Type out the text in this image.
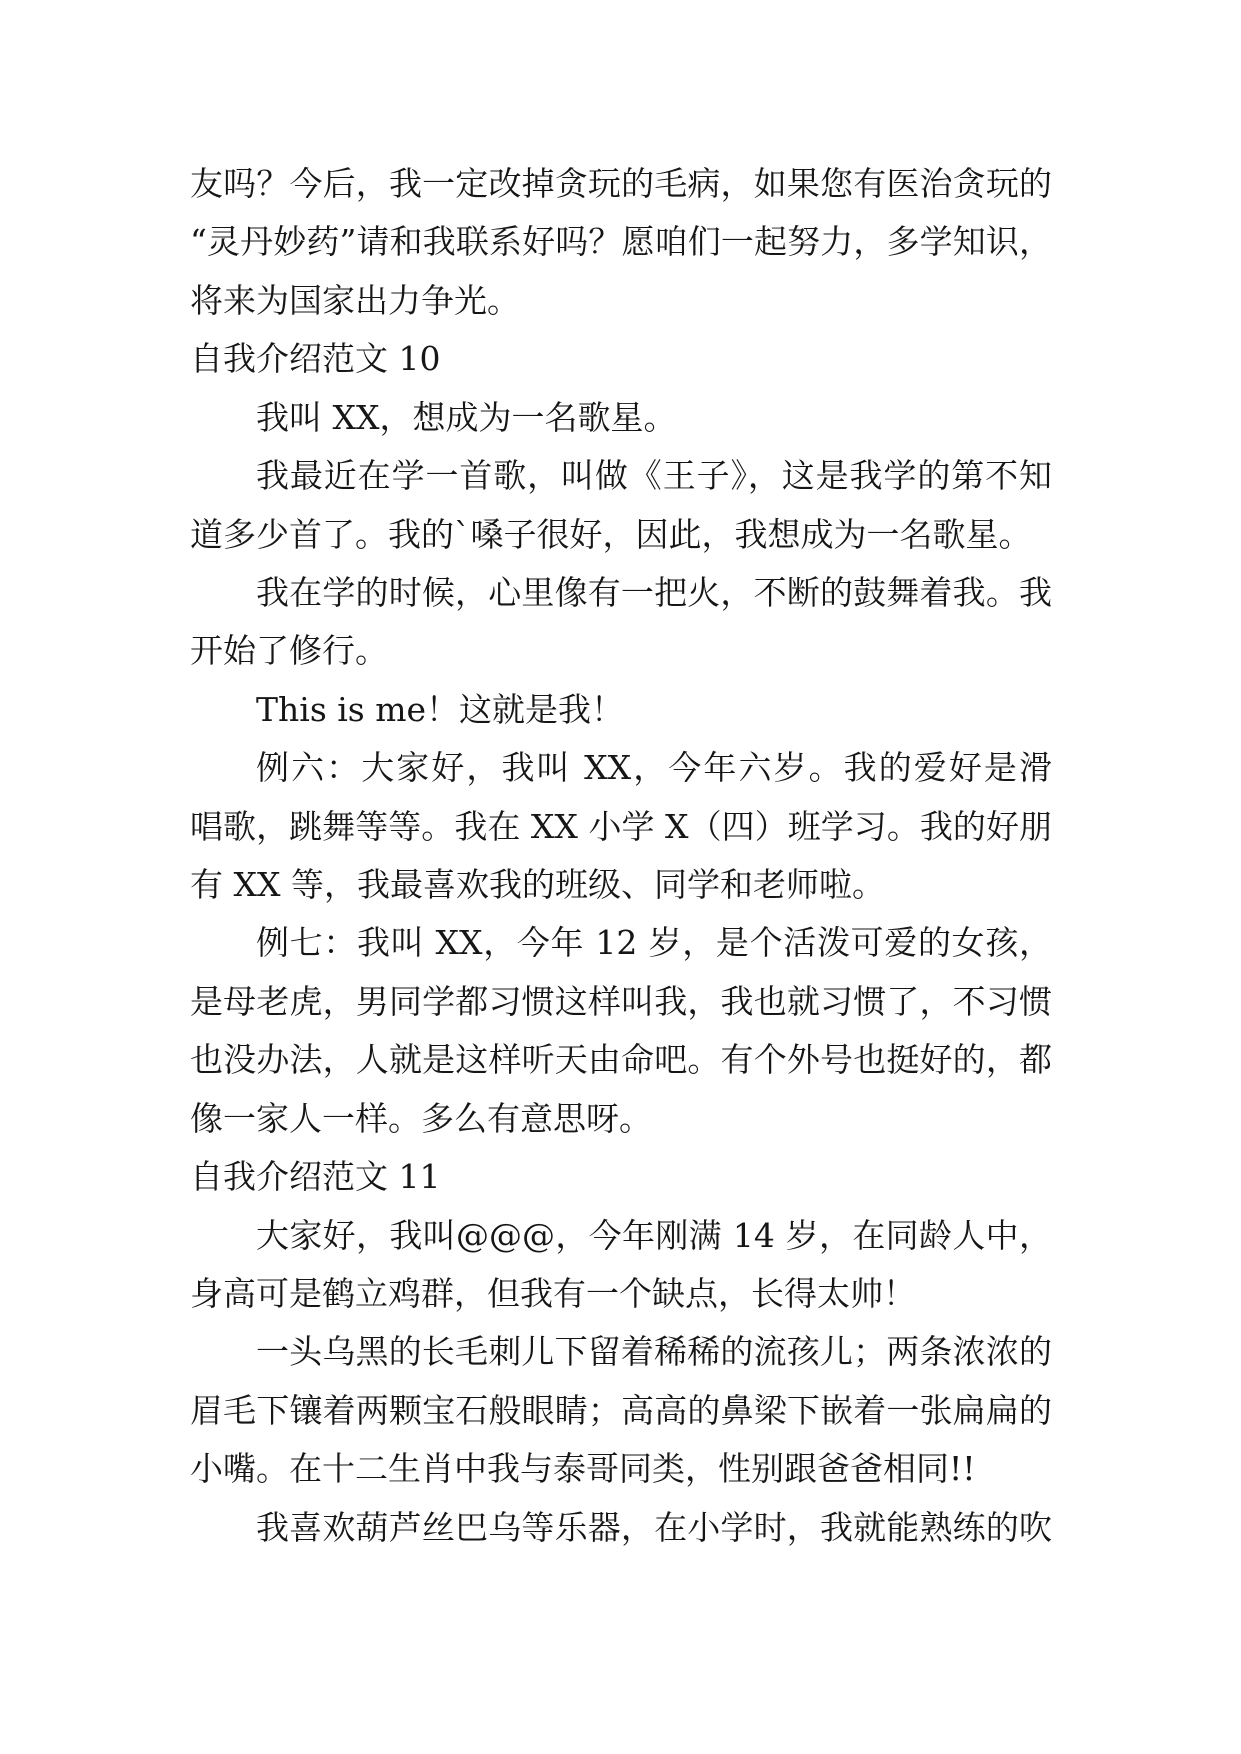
友吗？今后，我一定改掉贪玩的毛病，如果您有医治贪玩的
“灵丹妙药”请和我联系好吗？愿咱们一起努力，多学知识，
将来为国家出力争光。
自我介绍范文 10
我叫 XX，想成为一名歌星。
我最近在学一首歌，叫做《王子》，这是我学的第不知
道多少首了。我的`嗓子很好，因此，我想成为一名歌星。
我在学的时候，心里像有一把火，不断的鼓舞着我。我
开始了修行。
This is me！这就是我！
例六：大家好，我叫 XX，今年六岁。我的爱好是滑
唱歌，跳舞等等。我在 XX 小学 X（四）班学习。我的好朋
有 XX 等，我最喜欢我的班级、同学和老师啦。
例七：我叫 XX，今年 12 岁，是个活泼可爱的女孩，
是母老虎，男同学都习惯这样叫我，我也就习惯了，不习惯
也没办法，人就是这样听天由命吧。有个外号也挺好的，都
像一家人一样。多么有意思呀。
自我介绍范文 11
大家好，我叫@@@，今年刚满 14 岁，在同龄人中，
身高可是鹤立鸡群，但我有一个缺点，长得太帅！
一头乌黑的长毛刺儿下留着稀稀的流孩儿；两条浓浓的
眉毛下镶着两颗宝石般眼睛；高高的鼻梁下嵌着一张扁扁的
小嘴。在十二生肖中我与泰哥同类，性别跟爸爸相同!!
我喜欢葫芦丝巴乌等乐器，在小学时，我就能熟练的吹
